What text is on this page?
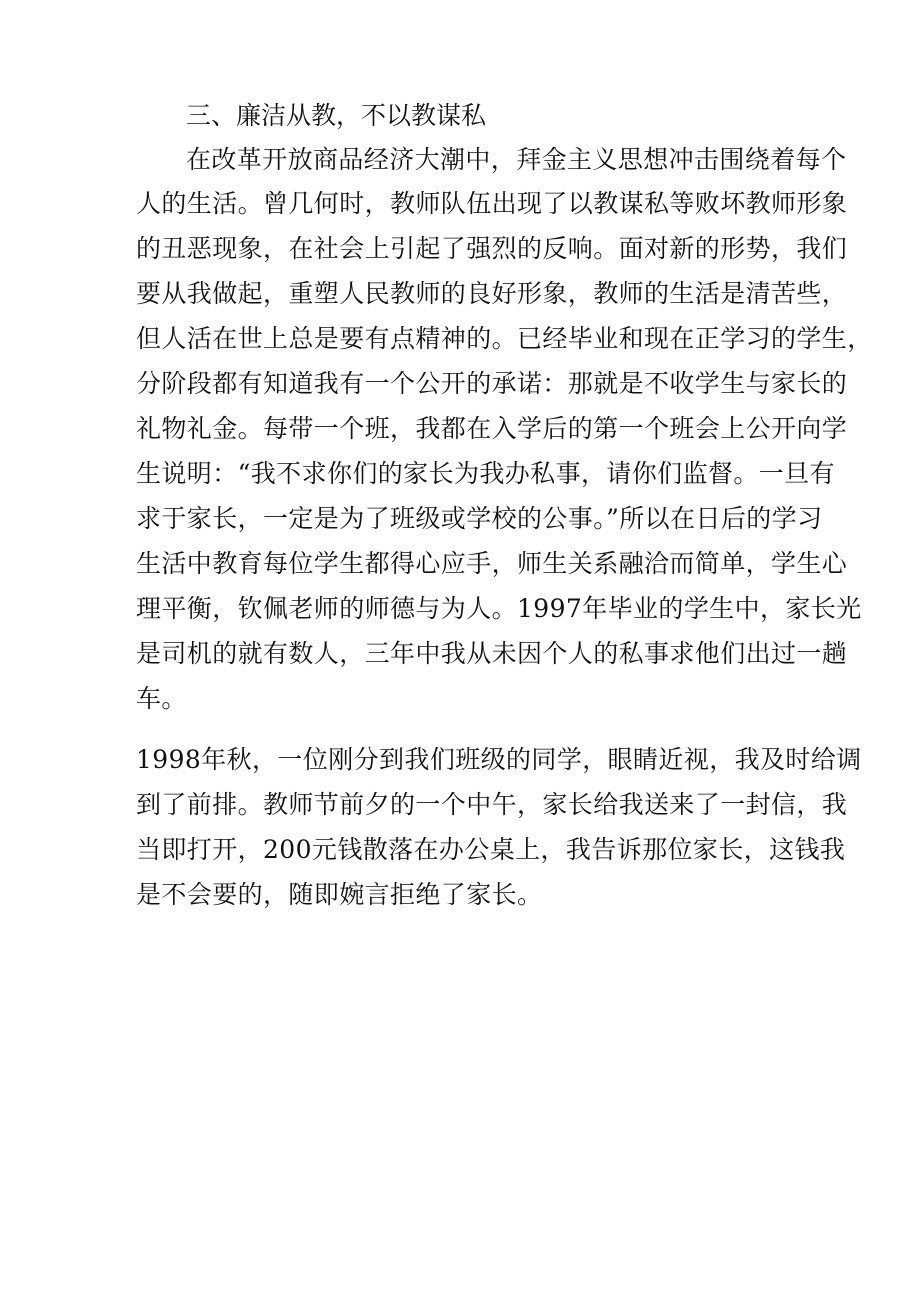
三、廉洁从教，不以教谋私
在改革开放商品经济大潮中，拜金主义思想冲击围绕着每个
人的生活。曾几何时，教师队伍出现了以教谋私等败坏教师形象
的丑恶现象，在社会上引起了强烈的反响。面对新的形势，我们
要从我做起，重塑人民教师的良好形象，教师的生活是清苦些，
但人活在世上总是要有点精神的。已经毕业和现在正学习的学生，
分阶段都有知道我有一个公开的承诺：那就是不收学生与家长的
礼物礼金。每带一个班，我都在入学后的第一个班会上公开向学
生说明：“我不求你们的家长为我办私事，请你们监督。一旦有
求于家长，一定是为了班级或学校的公事。”所以在日后的学习
生活中教育每位学生都得心应手，师生关系融洽而简单，学生心
理平衡，钦佩老师的师德与为人。1997年毕业的学生中，家长光
是司机的就有数人，三年中我从未因个人的私事求他们出过一趟
车。
1998年秋，一位刚分到我们班级的同学，眼睛近视，我及时给调
到了前排。教师节前夕的一个中午，家长给我送来了一封信，我
当即打开，200元钱散落在办公桌上，我告诉那位家长，这钱我
是不会要的，随即婉言拒绝了家长。
